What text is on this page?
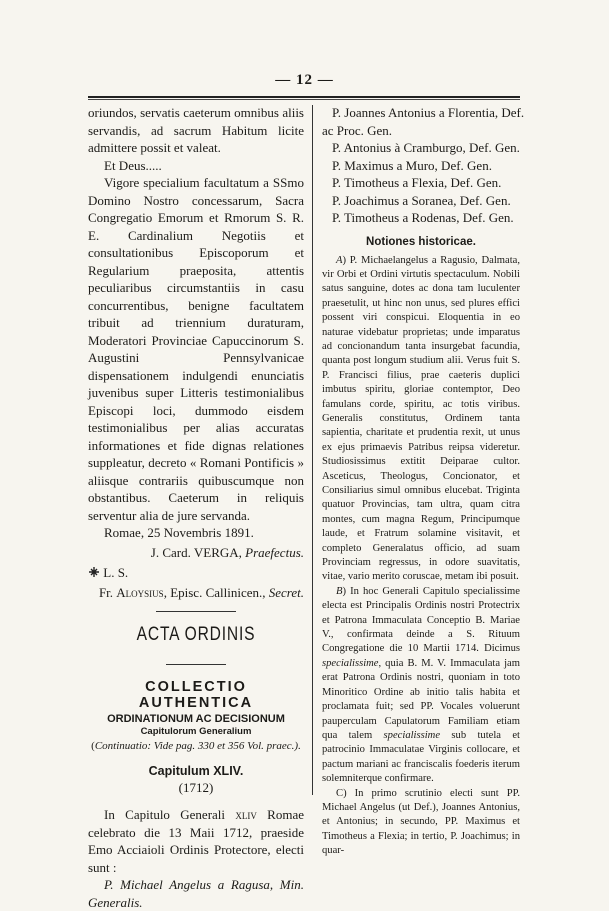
— 12 —

oriundos, servatis caeterum omnibus aliis servandis, ad sacrum Habitum licite admittere possit et valeat.

Et Deus.....

Vigore specialium facultatum a SSmo Domino Nostro concessarum, Sacra Congregatio Emorum et Rmorum S. R. E. Cardinalium Negotiis et consultationibus Episcoporum et Regularium praeposita, attentis peculiaribus circumstantiis in casu concurrentibus, benigne facultatem tribuit ad triennium duraturam, Moderatori Provinciae Capuccinorum S. Augustini Pennsylvanicae dispensationem indulgendi enunciatis juvenibus super Litteris testimonialibus Episcopi loci, dummodo eisdem testimonialibus per alias accuratas informationes et fide dignas relationes suppleatur, decreto « Romani Pontificis » aliisque contrariis quibuscumque non obstantibus. Caeterum in reliquis serventur alia de jure servanda.

Romae, 25 Novembris 1891.

J. Card. VERGA, Praefectus.

L. S.

Fr. Aloysius, Episc. Callinicen., Secret.

ACTA ORDINIS
COLLECTIO AUTHENTICA
ORDINATIONUM AC DECISIONUM
Capitulorum Generalium
(Continuatio: Vide pag. 330 et 356 Vol. praec.).
Capitulum XLIV.
(1712)

In Capitulo Generali xliv Romae celebrato die 13 Maii 1712, praeside Emo Acciaioli Ordinis Protectore, electi sunt :

P. Michael Angelus a Ragusa, Min. Generalis.

P. Joannes Antonius a Florentia, Def.
ac Proc. Gen.
P. Antonius à Cramburgo, Def. Gen.
P. Maximus a Muro, Def. Gen.
P. Timotheus a Flexia, Def. Gen.
P. Joachimus a Soranea, Def. Gen.
P. Timotheus a Rodenas, Def. Gen.
Notiones historicae.

A) P. Michaelangelus a Ragusio, Dalmata, vir Orbi et Ordini virtutis spectaculum. Nobili satus sanguine, dotes ac dona tam luculenter praesetulit, ut hinc non unus, sed plures effici possent viri conspicui. Eloquentia in eo naturae videbatur proprietas; unde imparatus ad concionandum tanta insurgebat facundia, quanta post longum studium alii. Verus fuit S. P. Francisci filius, prae caeteris duplici imbutus spiritu, gloriae contemptor, Deo famulans corde, spiritu, ac totis viribus. Generalis constitutus, Ordinem tanta sapientia, charitate et prudentia rexit, ut unus ex ejus primaevis Patribus reipsa videretur. Studiosissimus extitit Deiparae cultor. Asceticus, Theologus, Concionator, et Consiliarius simul omnibus elucebat. Triginta quatuor Provincias, tam ultra, quam citra montes, cum magna Regum, Principumque laude, et Fratrum solamine visitavit, et completo Generalatus officio, ad suam Provinciam regressus, in odore suavitatis, vitae, vario merito coruscae, metam ibi posuit.

B) In hoc Generali Capitulo specialissime electa est Principalis Ordinis nostri Protectrix et Patrona Immaculata Conceptio B. Mariae V., confirmata deinde a S. Rituum Congregatione die 10 Martii 1714. Dicimus specialissime, quia B. M. V. Immaculata jam erat Patrona Ordinis nostri, quoniam in toto Minoritico Ordine ab initio talis habita et proclamata fuit; sed PP. Vocales voluerunt pauperculam Capulatorum Familiam etiam qua talem specialissime sub tutela et patrocinio Immaculatae Virginis collocare, et pactum mariani ac franciscalis foederis iterum solemniterque confirmare.

C) In primo scrutinio electi sunt PP. Michael Angelus (ut Def.), Joannes Antonius, et Antonius; in secundo, PP. Maximus et Timotheus a Flexia; in tertio, P. Joachimus; in quar-
